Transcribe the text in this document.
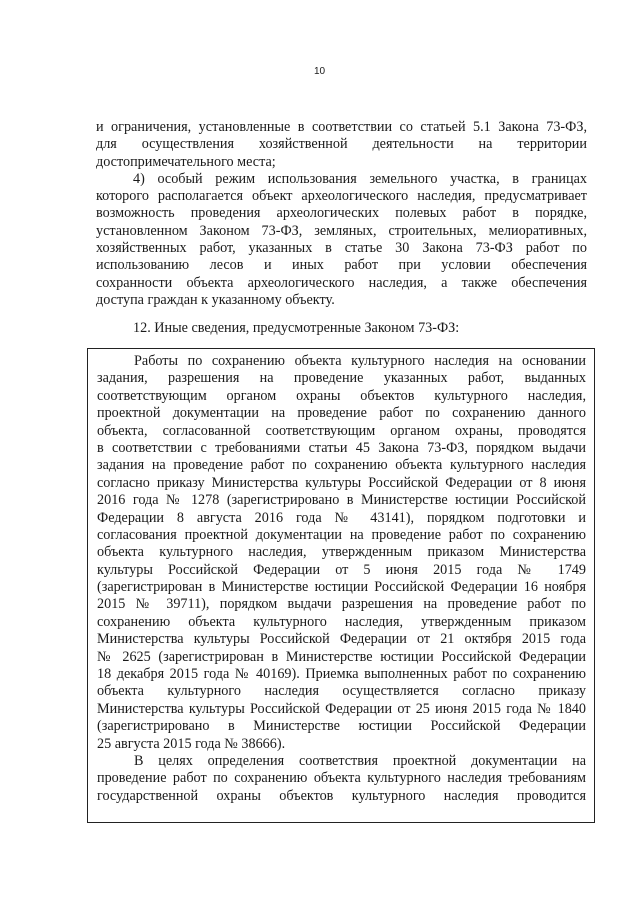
10
и ограничения, установленные в соответствии со статьей 5.1 Закона 73-ФЗ,
для осуществления хозяйственной деятельности на территории
достопримечательного места;
4) особый режим использования земельного участка, в границах
которого располагается объект археологического наследия, предусматривает
возможность проведения археологических полевых работ в порядке,
установленном Законом 73-ФЗ, земляных, строительных, мелиоративных,
хозяйственных работ, указанных в статье 30 Закона 73-ФЗ работ по
использованию лесов и иных работ при условии обеспечения
сохранности объекта археологического наследия, а также обеспечения
доступа граждан к указанному объекту.
12. Иные сведения, предусмотренные Законом 73-ФЗ:
Работы по сохранению объекта культурного наследия на основании
задания, разрешения на проведение указанных работ, выданных
соответствующим органом охраны объектов культурного наследия,
проектной документации на проведение работ по сохранению данного
объекта, согласованной соответствующим органом охраны, проводятся
в соответствии с требованиями статьи 45 Закона 73-ФЗ, порядком выдачи
задания на проведение работ по сохранению объекта культурного наследия
согласно приказу Министерства культуры Российской Федерации от 8 июня
2016 года № 1278 (зарегистрировано в Министерстве юстиции Российской
Федерации 8 августа 2016 года № 43141), порядком подготовки и
согласования проектной документации на проведение работ по сохранению
объекта культурного наследия, утвержденным приказом Министерства
культуры Российской Федерации от 5 июня 2015 года № 1749
(зарегистрирован в Министерстве юстиции Российской Федерации 16 ноября
2015 № 39711), порядком выдачи разрешения на проведение работ по
сохранению объекта культурного наследия, утвержденным приказом
Министерства культуры Российской Федерации от 21 октября 2015 года
№ 2625 (зарегистрирован в Министерстве юстиции Российской Федерации
18 декабря 2015 года № 40169). Приемка выполненных работ по сохранению
объекта культурного наследия осуществляется согласно приказу
Министерства культуры Российской Федерации от 25 июня 2015 года № 1840
(зарегистрировано в Министерстве юстиции Российской Федерации
25 августа 2015 года № 38666).
В целях определения соответствия проектной документации на
проведение работ по сохранению объекта культурного наследия требованиям
государственной охраны объектов культурного наследия проводится
